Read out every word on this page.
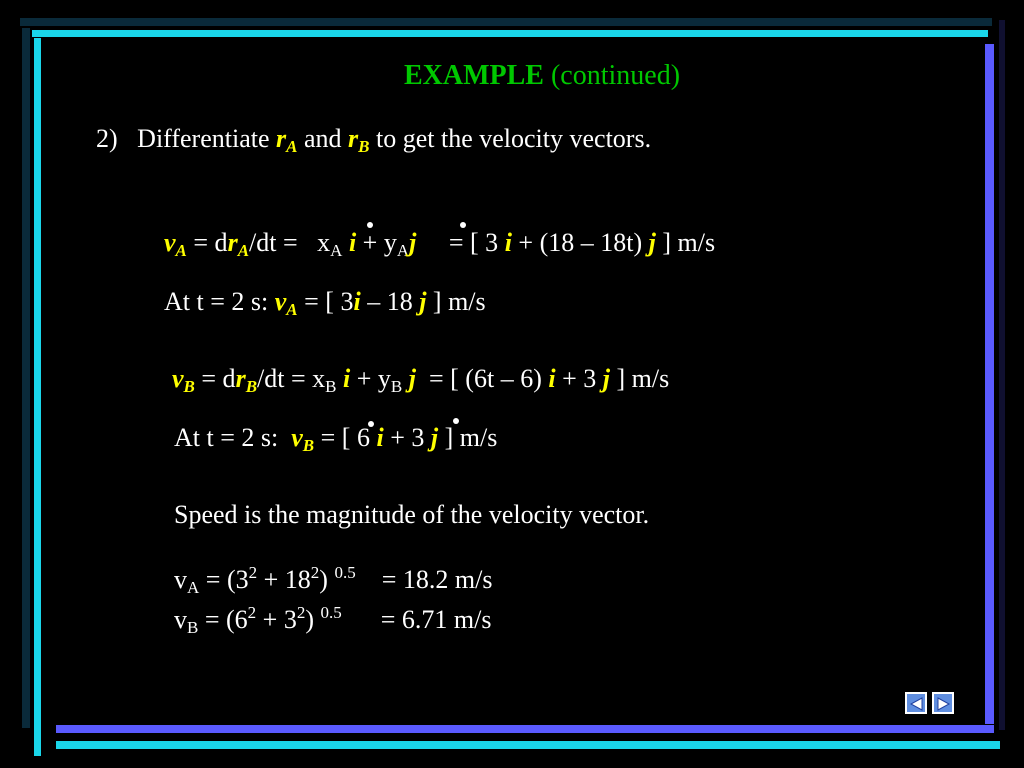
EXAMPLE (continued)
2) Differentiate $r_A$ and $r_B$ to get the velocity vectors.
$v_A = dr_A/dt = x_A$ $i + y_Aj$ = [ 3 i + (18 – 18t) j ] m/s
At t = 2 s: $v_A$ = [ 3i – 18 j ] m/s
$v_B = dr_B/dt = x_B$ $i + y_B$ j = [ (6t – 6) i + 3 j ] m/s
At t = 2 s: $v_B$ = [ 6 i + 3 j ] m/s
Speed is the magnitude of the velocity vector.
$v_A = (3^2 + 18^2) ^{0.5} = 18.2$ m/s
$v_B = (6^2 + 3^2) ^{0.5} = 6.71$ m/s
